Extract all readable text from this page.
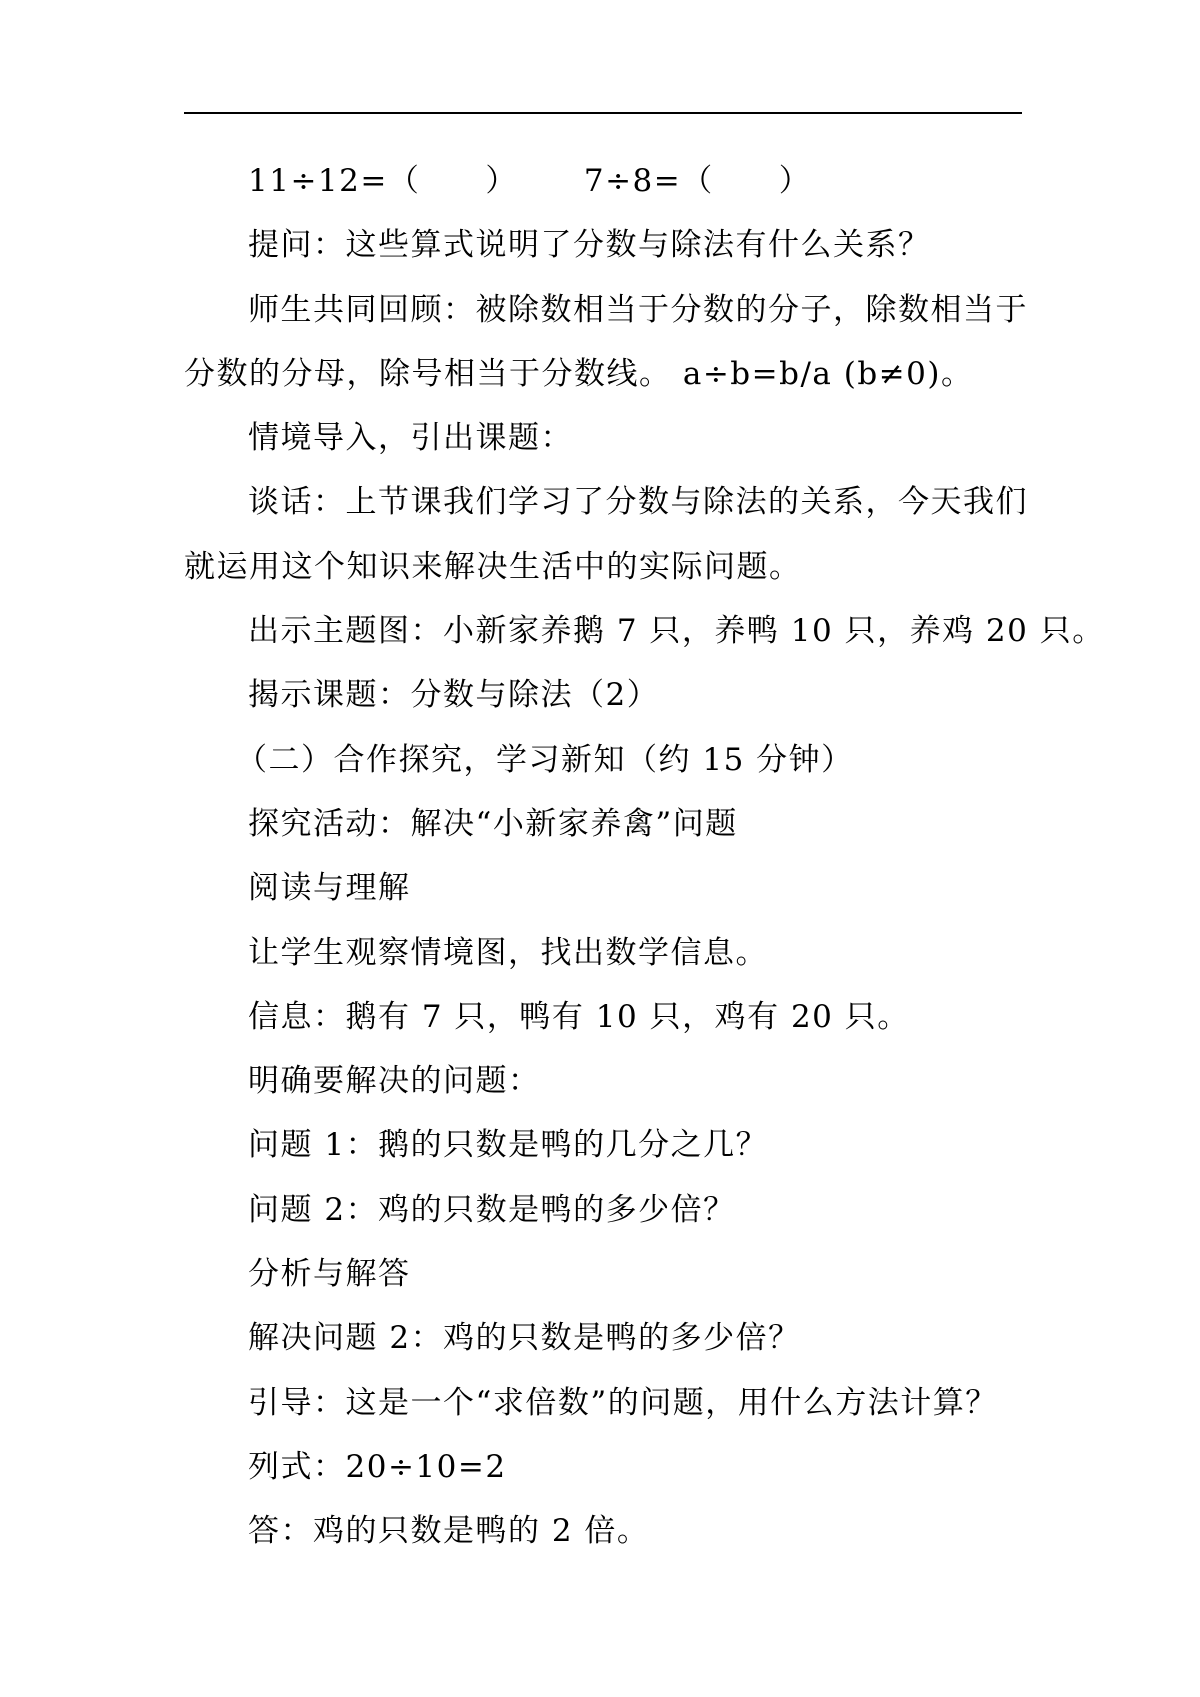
11÷12=（　　） 7÷8=（　　）
提问：这些算式说明了分数与除法有什么关系？
师生共同回顾：被除数相当于分数的分子，除数相当于
分数的分母，除号相当于分数线。 a÷b=b/a (b≠0)。
情境导入，引出课题：
谈话：上节课我们学习了分数与除法的关系，今天我们
就运用这个知识来解决生活中的实际问题。
出示主题图：小新家养鹅 7 只，养鸭 10 只，养鸡 20 只。
揭示课题：分数与除法（2）
（二）合作探究，学习新知（约 15 分钟）
探究活动：解决“小新家养禽”问题
阅读与理解
让学生观察情境图，找出数学信息。
信息：鹅有 7 只，鸭有 10 只，鸡有 20 只。
明确要解决的问题：
问题 1：鹅的只数是鸭的几分之几？
问题 2：鸡的只数是鸭的多少倍？
分析与解答
解决问题 2：鸡的只数是鸭的多少倍？
引导：这是一个“求倍数”的问题，用什么方法计算？
列式：20÷10=2
答：鸡的只数是鸭的 2 倍。
